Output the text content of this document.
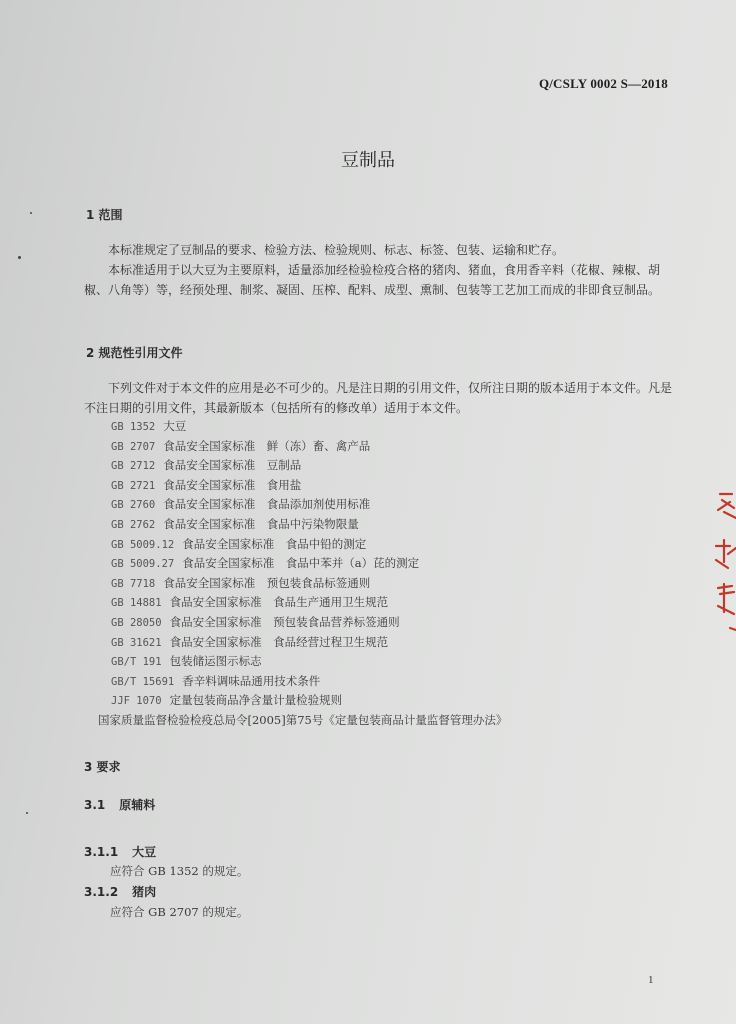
Q/CSLY 0002 S—2018
豆制品
1 范围

本标准规定了豆制品的要求、检验方法、检验规则、标志、标签、包装、运输和贮存。

本标准适用于以大豆为主要原料，适量添加经检验检疫合格的猪肉、猪血，食用香辛料（花椒、辣椒、胡椒、八角等）等，经预处理、制浆、凝固、压榨、配料、成型、熏制、包装等工艺加工而成的非即食豆制品。

2 规范性引用文件

下列文件对于本文件的应用是必不可少的。凡是注日期的引用文件，仅所注日期的版本适用于本文件。凡是不注日期的引用文件，其最新版本（包括所有的修改单）适用于本文件。

GB 1352 大豆
GB 2707 食品安全国家标准　鲜（冻）畜、禽产品
GB 2712 食品安全国家标准　豆制品
GB 2721 食品安全国家标准　食用盐
GB 2760 食品安全国家标准　食品添加剂使用标准
GB 2762 食品安全国家标准　食品中污染物限量
GB 5009.12 食品安全国家标准　食品中铅的测定
GB 5009.27 食品安全国家标准　食品中苯并（a）芘的测定
GB 7718 食品安全国家标准　预包装食品标签通则
GB 14881 食品安全国家标准　食品生产通用卫生规范
GB 28050 食品安全国家标准　预包装食品营养标签通则
GB 31621 食品安全国家标准　食品经营过程卫生规范
GB/T 191 包装储运图示标志
GB/T 15691 香辛料调味品通用技术条件
JJF 1070 定量包装商品净含量计量检验规则
国家质量监督检验检疫总局令[2005]第75号《定量包装商品计量监督管理办法》
3 要求
3.1 原辅料
3.1.1 大豆
应符合 GB 1352 的规定。
3.1.2 猪肉
应符合 GB 2707 的规定。
1
